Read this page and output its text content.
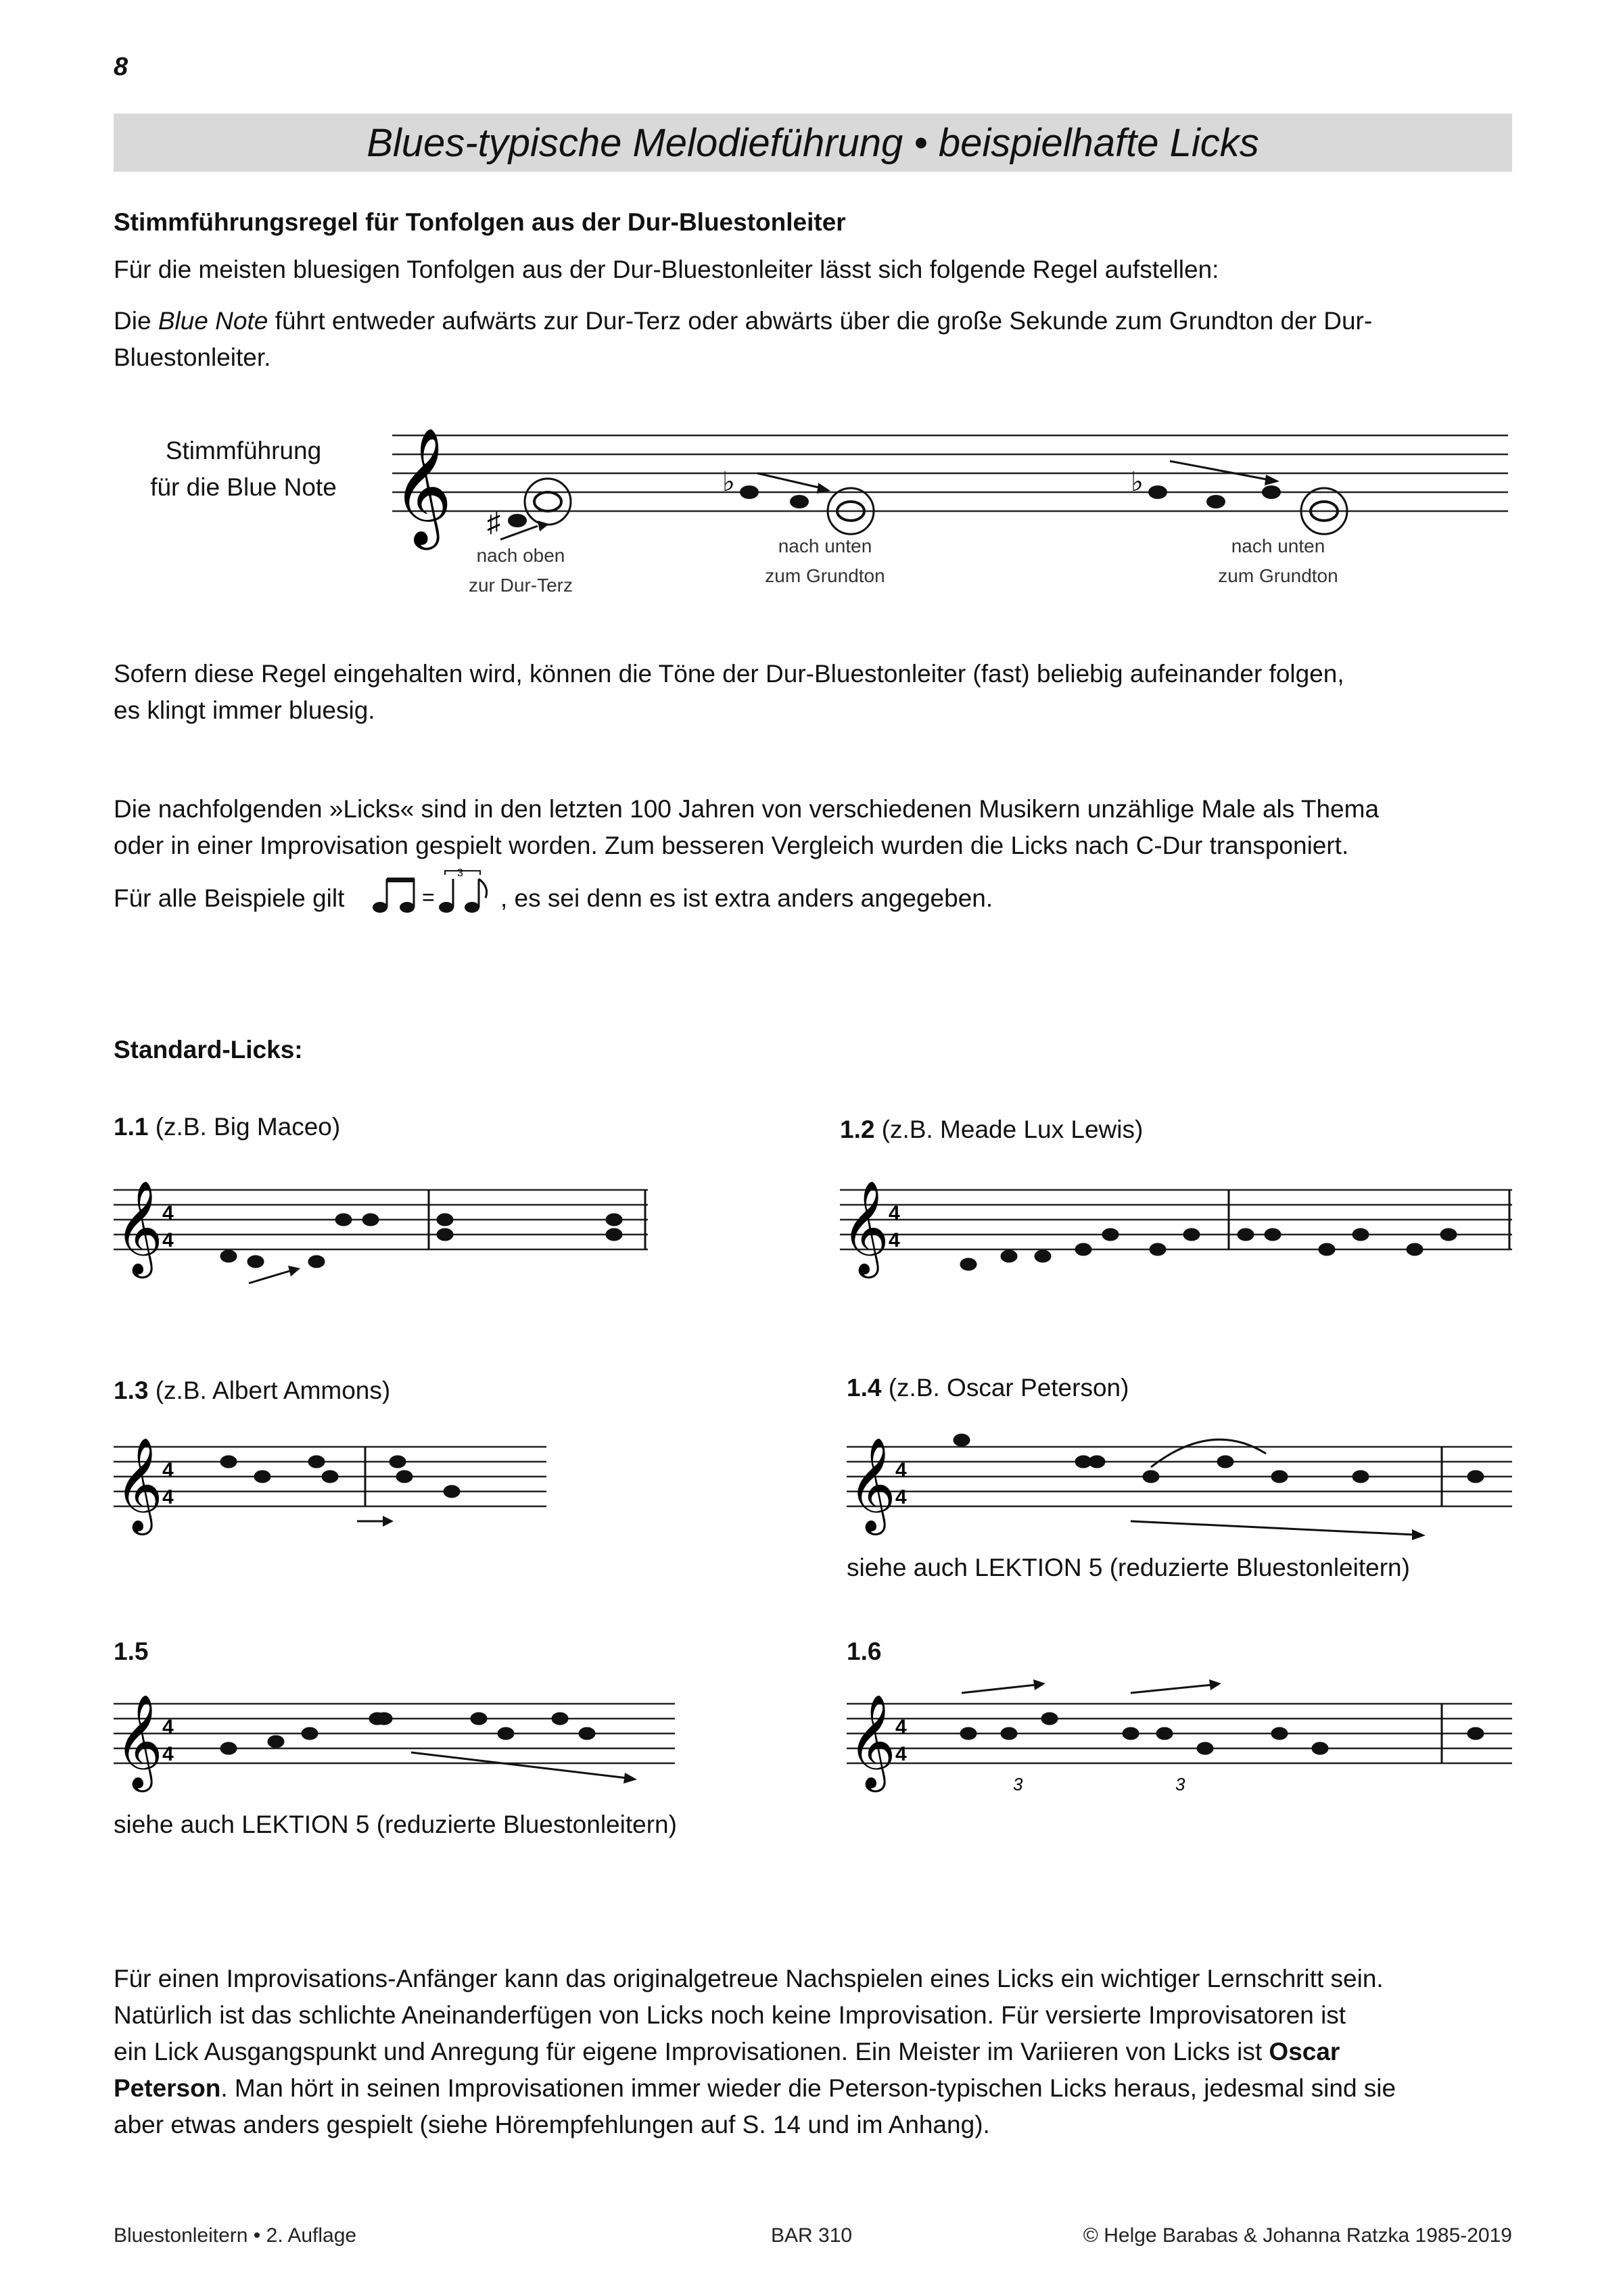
8
Blues-typische Melodieführung • beispielhafte Licks
Stimmführungsregel für Tonfolgen aus der Dur-Bluestonleiter
Für die meisten bluesigen Tonfolgen aus der Dur-Bluestonleiter lässt sich folgende Regel aufstellen:
Die Blue Note führt entweder aufwärts zur Dur-Terz oder abwärts über die große Sekunde zum Grundton der Dur-
Bluestonleiter.
Stimmführung
für die Blue Note 𝄞 ♯
♭	♭
nach oben
zur Dur-Terz
nach unten
zum Grundton
nach unten
zum Grundton
Sofern diese Regel eingehalten wird, können die Töne der Dur-Bluestonleiter (fast) beliebig aufeinander folgen,
es klingt immer bluesig.
Die nachfolgenden »Licks« sind in den letzten 100 Jahren von verschiedenen Musikern unzählige Male als Thema
oder in einer Improvisation gespielt worden. Zum besseren Vergleich wurden die Licks nach C-Dur transponiert.
Für alle Beispiele gilt	=
3
, es sei denn es ist extra anders angegeben.
Standard-Licks:
1.1 (z.B. Big Maceo)	1.2 (z.B. Meade Lux Lewis)
1.3 (z.B. Albert Ammons)	1.4 (z.B. Oscar Peterson)
1.5	1.6
𝄞 4
4	𝄞 4
4
𝄞 4
4	𝄞 4
4
siehe auch LEKTION 5 (reduzierte Bluestonleitern)
𝄞 4
4
siehe auch LEKTION 5 (reduzierte Bluestonleitern)
𝄞 4
4
3	3
Für einen Improvisations-Anfänger kann das originalgetreue Nachspielen eines Licks ein wichtiger Lernschritt sein.
Natürlich ist das schlichte Aneinanderfügen von Licks noch keine Improvisation. Für versierte Improvisatoren ist
ein Lick Ausgangspunkt und Anregung für eigene Improvisationen. Ein Meister im Variieren von Licks ist Oscar
Peterson. Man hört in seinen Improvisationen immer wieder die Peterson-typischen Licks heraus, jedesmal sind sie
aber etwas anders gespielt (siehe Hörempfehlungen auf S. 14 und im Anhang).
Bluestonleitern • 2. Auflage	BAR 310	© Helge Barabas & Johanna Ratzka 1985-2019
